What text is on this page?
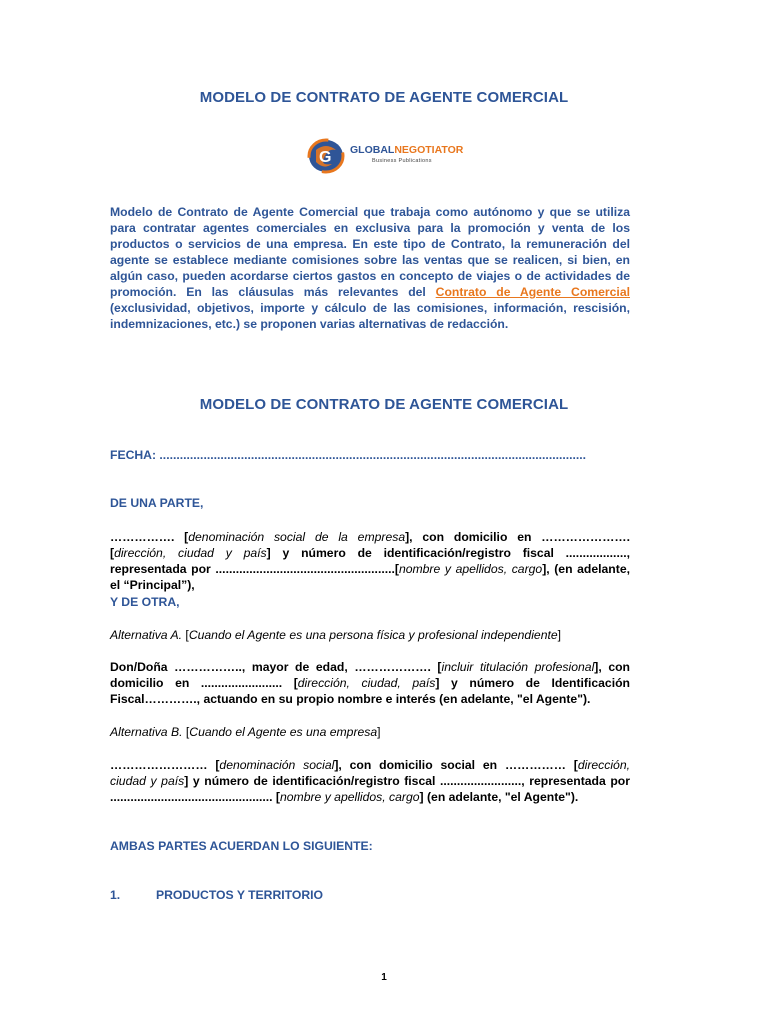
MODELO DE CONTRATO DE AGENTE COMERCIAL
G GLOBALNEGOTIATOR
Business Publications
Modelo de Contrato de Agente Comercial que trabaja como autónomo y que se utiliza para contratar agentes comerciales en exclusiva para la promoción y venta de los productos o servicios de una empresa. En este tipo de Contrato, la remuneración del agente se establece mediante comisiones sobre las ventas que se realicen, si bien, en algún caso, pueden acordarse ciertos gastos en concepto de viajes o de actividades de promoción. En las cláusulas más relevantes del Contrato de Agente Comercial (exclusividad, objetivos, importe y cálculo de las comisiones, información, rescisión, indemnizaciones, etc.) se proponen varias alternativas de redacción.
MODELO DE CONTRATO DE AGENTE COMERCIAL
FECHA: ..............................................................................................................................
DE UNA PARTE,
……………. [denominación social de la empresa], con domicilio en …………………. [dirección, ciudad y país] y número de identificación/registro fiscal .................., representada por .....................................................[nombre y apellidos, cargo], (en adelante, el “Principal”),
Y DE OTRA,
Alternativa A. [Cuando el Agente es una persona física y profesional independiente]
Don/Doña …………….., mayor de edad, ………………. [incluir titulación profesional], con domicilio en ........................ [dirección, ciudad, país] y número de Identificación Fiscal…………., actuando en su propio nombre e interés (en adelante, "el Agente").
Alternativa B. [Cuando el Agente es una empresa]
…………………… [denominación social], con domicilio social en …………… [dirección, ciudad y país] y número de identificación/registro fiscal ........................, representada por ................................................ [nombre y apellidos, cargo] (en adelante, "el Agente").
AMBAS PARTES ACUERDAN LO SIGUIENTE:
1.	PRODUCTOS Y TERRITORIO
1
